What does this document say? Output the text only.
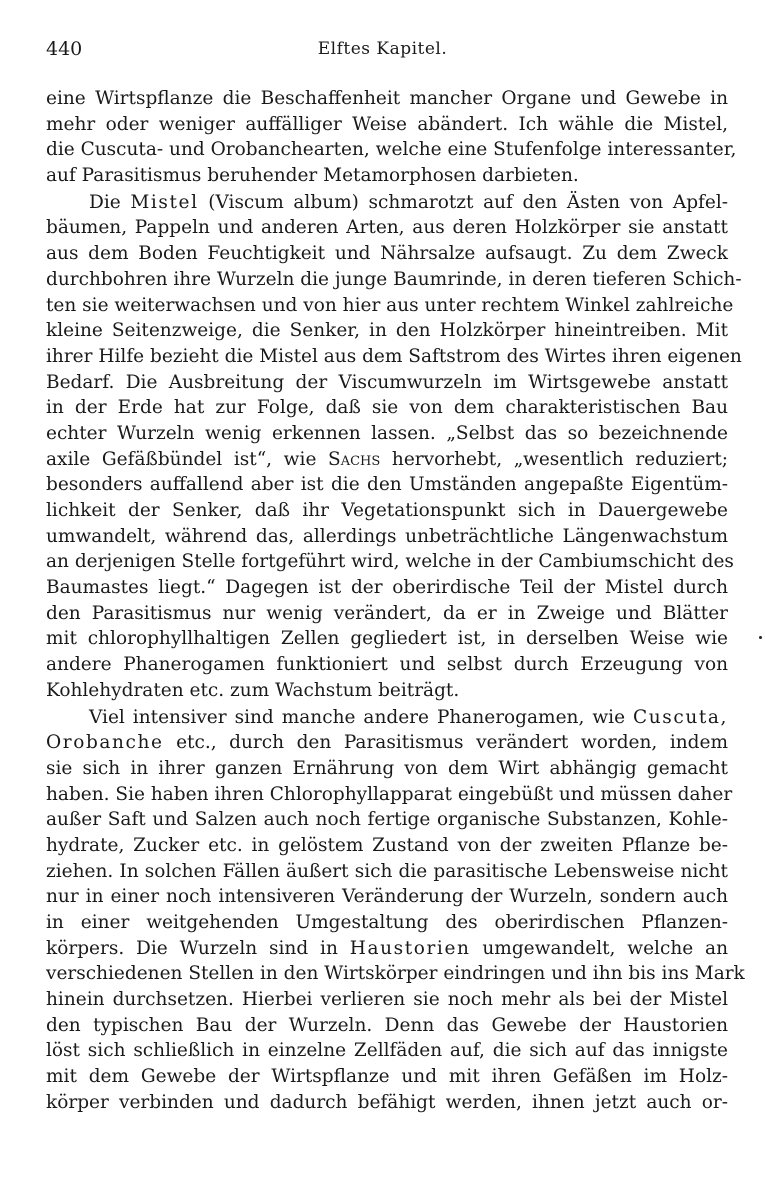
440	Elftes Kapitel.
eine Wirtspflanze die Beschaffenheit mancher Organe und Gewebe in
mehr oder weniger auffälliger Weise abändert. Ich wähle die Mistel,
die Cuscuta- und Orobanchearten, welche eine Stufenfolge interessanter,
auf Parasitismus beruhender Metamorphosen darbieten.
Die Mistel (Viscum album) schmarotzt auf den Ästen von Apfel-
bäumen, Pappeln und anderen Arten, aus deren Holzkörper sie anstatt
aus dem Boden Feuchtigkeit und Nährsalze aufsaugt. Zu dem Zweck
durchbohren ihre Wurzeln die junge Baumrinde, in deren tieferen Schich-
ten sie weiterwachsen und von hier aus unter rechtem Winkel zahlreiche
kleine Seitenzweige, die Senker, in den Holzkörper hineintreiben. Mit
ihrer Hilfe bezieht die Mistel aus dem Saftstrom des Wirtes ihren eigenen
Bedarf. Die Ausbreitung der Viscumwurzeln im Wirtsgewebe anstatt
in der Erde hat zur Folge, daß sie von dem charakteristischen Bau
echter Wurzeln wenig erkennen lassen. „Selbst das so bezeichnende
axile Gefäßbündel ist“, wie Sachs hervorhebt, „wesentlich reduziert;
besonders auffallend aber ist die den Umständen angepaßte Eigentüm-
lichkeit der Senker, daß ihr Vegetationspunkt sich in Dauergewebe
umwandelt, während das, allerdings unbeträchtliche Längenwachstum
an derjenigen Stelle fortgeführt wird, welche in der Cambiumschicht des
Baumastes liegt.“ Dagegen ist der oberirdische Teil der Mistel durch
den Parasitismus nur wenig verändert, da er in Zweige und Blätter
mit chlorophyllhaltigen Zellen gegliedert ist, in derselben Weise wie
andere Phanerogamen funktioniert und selbst durch Erzeugung von
Kohlehydraten etc. zum Wachstum beiträgt.
Viel intensiver sind manche andere Phanerogamen, wie Cuscuta,
Orobanche etc., durch den Parasitismus verändert worden, indem
sie sich in ihrer ganzen Ernährung von dem Wirt abhängig gemacht
haben. Sie haben ihren Chlorophyllapparat eingebüßt und müssen daher
außer Saft und Salzen auch noch fertige organische Substanzen, Kohle-
hydrate, Zucker etc. in gelöstem Zustand von der zweiten Pflanze be-
ziehen. In solchen Fällen äußert sich die parasitische Lebensweise nicht
nur in einer noch intensiveren Veränderung der Wurzeln, sondern auch
in einer weitgehenden Umgestaltung des oberirdischen Pflanzen-
körpers. Die Wurzeln sind in Haustorien umgewandelt, welche an
verschiedenen Stellen in den Wirtskörper eindringen und ihn bis ins Mark
hinein durchsetzen. Hierbei verlieren sie noch mehr als bei der Mistel
den typischen Bau der Wurzeln. Denn das Gewebe der Haustorien
löst sich schließlich in einzelne Zellfäden auf, die sich auf das innigste
mit dem Gewebe der Wirtspflanze und mit ihren Gefäßen im Holz-
körper verbinden und dadurch befähigt werden, ihnen jetzt auch or-
